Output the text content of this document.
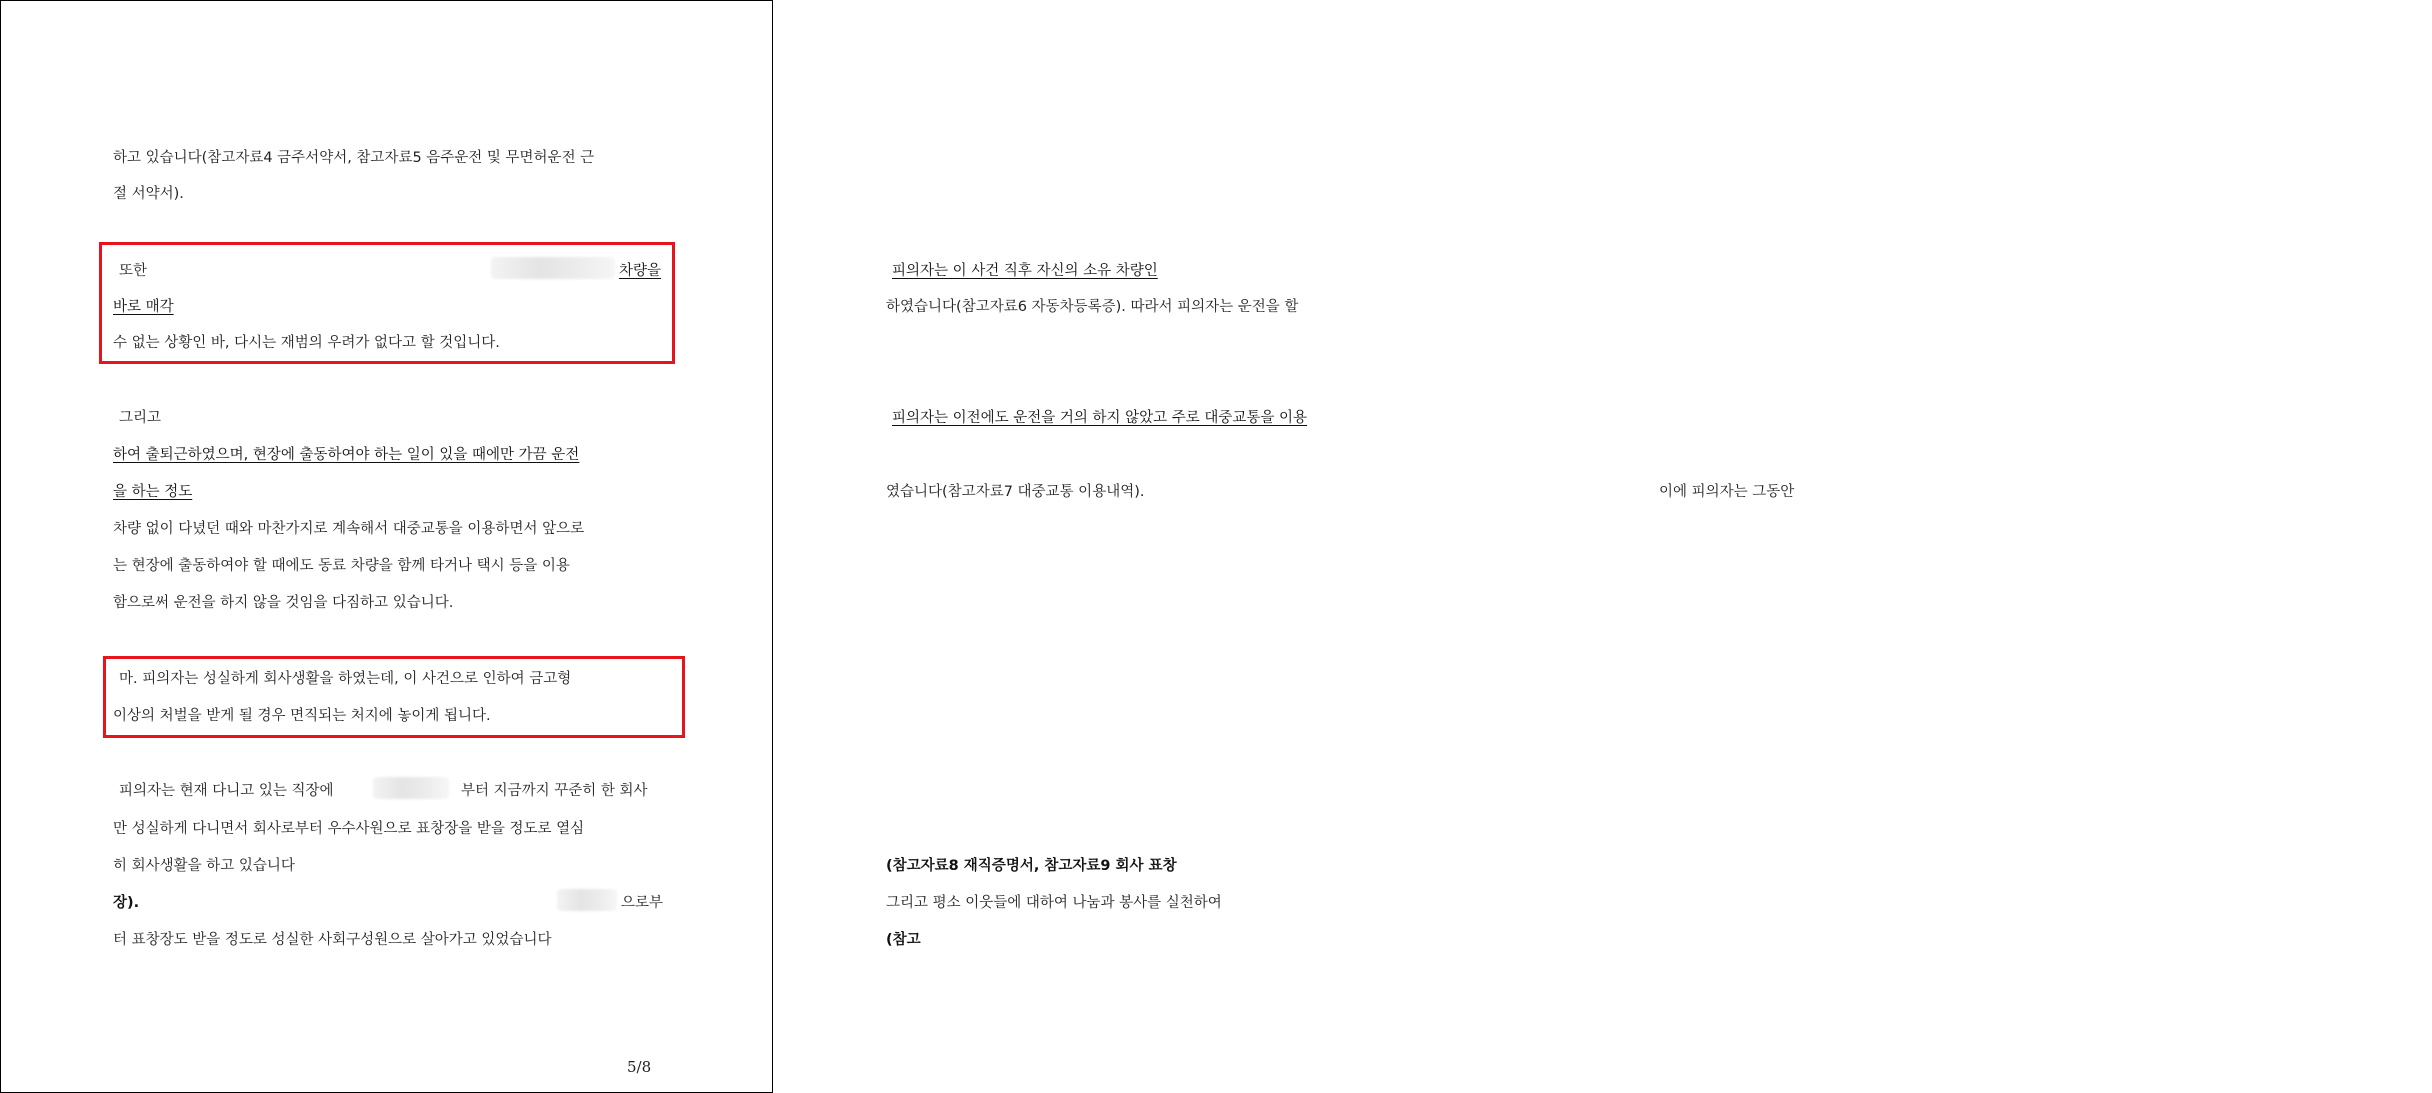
하고 있습니다(참고자료4 금주서약서, 참고자료5 음주운전 및 무면허운전 근
절 서약서).
또한	피의자는 이 사건 직후 자신의 소유 차량인
차량을
바로 매각	하였습니다(참고자료6 자동차등록증). 따라서 피의자는 운전을 할
수 없는 상황인 바, 다시는 재범의 우려가 없다고 할 것입니다.
그리고	피의자는 이전에도 운전을 거의 하지 않았고 주로 대중교통을 이용
하여 출퇴근하였으며, 현장에 출동하여야 하는 일이 있을 때에만 가끔 운전
을 하는 정도	였습니다(참고자료7 대중교통 이용내역).	이에 피의자는 그동안
차량 없이 다녔던 때와 마찬가지로 계속해서 대중교통을 이용하면서 앞으로
는 현장에 출동하여야 할 때에도 동료 차량을 함께 타거나 택시 등을 이용
함으로써 운전을 하지 않을 것임을 다짐하고 있습니다.
마. 피의자는 성실하게 회사생활을 하였는데, 이 사건으로 인하여 금고형
이상의 처벌을 받게 될 경우 면직되는 처지에 놓이게 됩니다.
피의자는 현재 다니고 있는 직장에	부터 지금까지 꾸준히 한 회사
만 성실하게 다니면서 회사로부터 우수사원으로 표창장을 받을 정도로 열심
히 회사생활을 하고 있습니다	(참고자료8 재직증명서, 참고자료9 회사 표창
장).	그리고 평소 이웃들에 대하여 나눔과 봉사를 실천하여
으로부
터 표창장도 받을 정도로 성실한 사회구성원으로 살아가고 있었습니다	(참고
5/8
